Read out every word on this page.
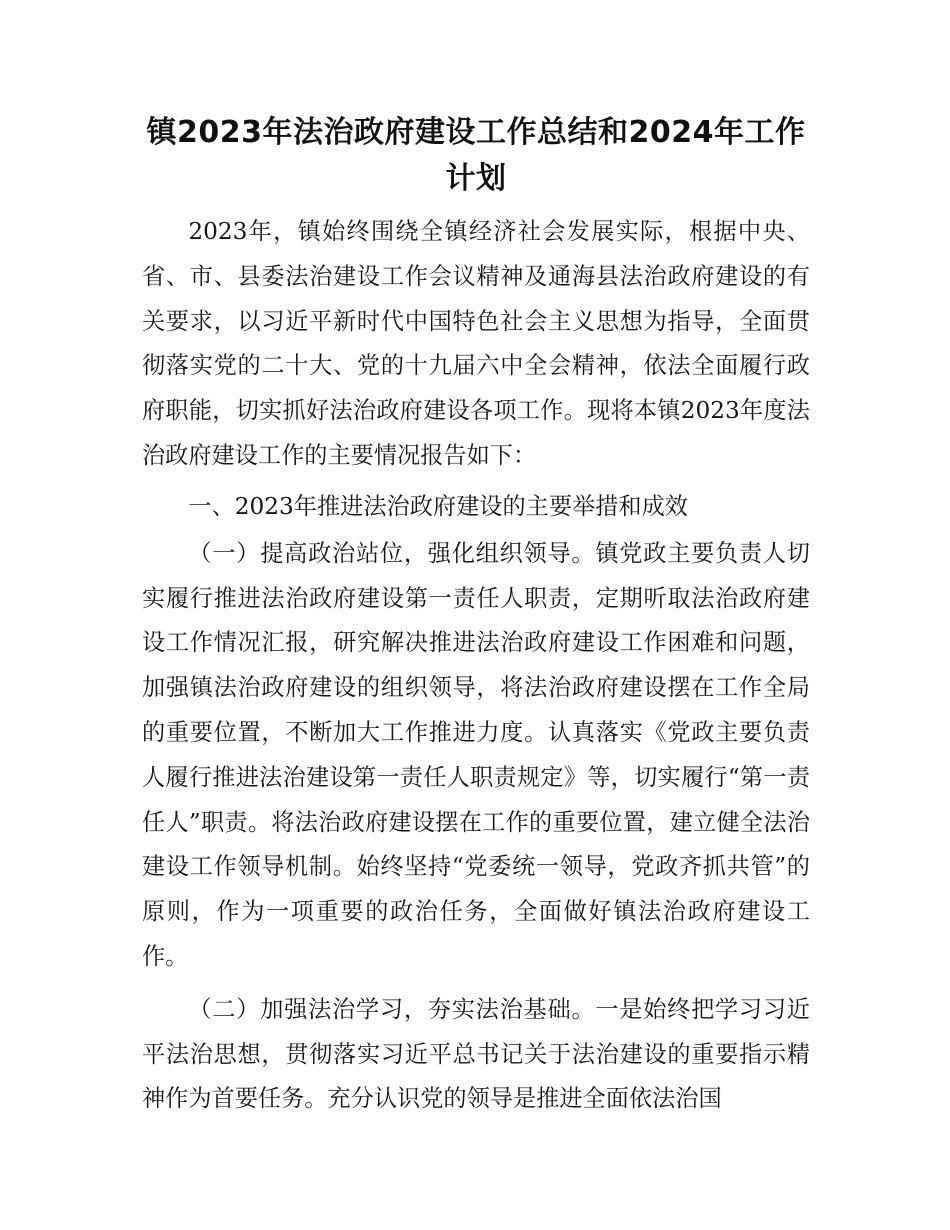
镇2023年法治政府建设工作总结和2024年工作计划

2023年，镇始终围绕全镇经济社会发展实际，根据中央、省、市、县委法治建设工作会议精神及通海县法治政府建设的有关要求，以习近平新时代中国特色社会主义思想为指导，全面贯彻落实党的二十大、党的十九届六中全会精神，依法全面履行政府职能，切实抓好法治政府建设各项工作。现将本镇2023年度法治政府建设工作的主要情况报告如下：

一、2023年推进法治政府建设的主要举措和成效

（一）提高政治站位，强化组织领导。镇党政主要负责人切实履行推进法治政府建设第一责任人职责，定期听取法治政府建设工作情况汇报，研究解决推进法治政府建设工作困难和问题，加强镇法治政府建设的组织领导，将法治政府建设摆在工作全局的重要位置，不断加大工作推进力度。认真落实《党政主要负责人履行推进法治建设第一责任人职责规定》等，切实履行“第一责任人”职责。将法治政府建设摆在工作的重要位置，建立健全法治建设工作领导机制。始终坚持“党委统一领导，党政齐抓共管”的原则，作为一项重要的政治任务，全面做好镇法治政府建设工作。

（二）加强法治学习，夯实法治基础。一是始终把学习习近平法治思想，贯彻落实习近平总书记关于法治建设的重要指示精神作为首要任务。充分认识党的领导是推进全面依法治国
